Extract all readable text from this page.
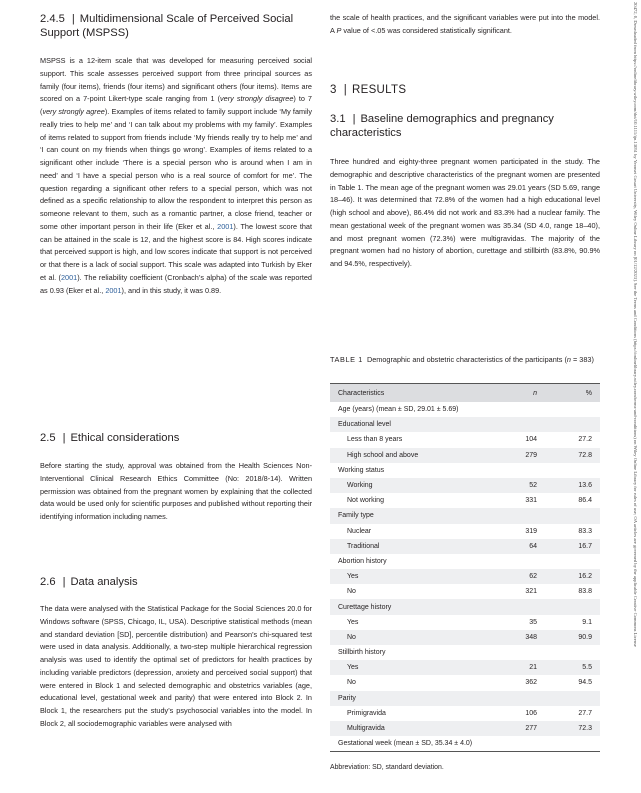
2.4.5 | Multidimensional Scale of Perceived Social
Support (MSPSS)

MSPSS is a 12-item scale that was developed for measuring perceived social support. This scale assesses perceived support from three principal sources as family (four items), friends (four items) and significant others (four items). Items are scored on a 7-point Likert-type scale ranging from 1 (very strongly disagree) to 7 (very strongly agree). Examples of items related to family support include ‘My family really tries to help me’ and ‘I can talk about my problems with my family’. Examples of items related to support from friends include ‘My friends really try to help me’ and ‘I can count on my friends when things go wrong’. Examples of items related to a significant other include ‘There is a special person who is around when I am in need’ and ‘I have a special person who is a real source of comfort for me’. The question regarding a significant other refers to a special person, which was not defined as a specific relationship to allow the respondent to interpret this person as someone relevant to them, such as a romantic partner, a close friend, teacher or some other important person in their life (Eker et al., 2001). The lowest score that can be attained in the scale is 12, and the highest score is 84. High scores indicate that perceived support is high, and low scores indicate that support is not perceived or that there is a lack of social support. This scale was adapted into Turkish by Eker et al. (2001). The reliability coefficient (Cronbach’s alpha) of the scale was reported as 0.93 (Eker et al., 2001), and in this study, it was 0.89.

2.5 | Ethical considerations

Before starting the study, approval was obtained from the Health Sciences Non-Interventional Clinical Research Ethics Committee (No: 2018/8-14). Written permission was obtained from the pregnant women by explaining that the collected data would be used only for scientific purposes and published without reporting their identifying information including names.

2.6 | Data analysis

The data were analysed with the Statistical Package for the Social Sciences 20.0 for Windows software (SPSS, Chicago, IL, USA). Descriptive statistical methods (mean and standard deviation [SD], percentile distribution) and Pearson’s chi-squared test were used in data analysis. Additionally, a two-step multiple hierarchical regression analysis was used to identify the optimal set of predictors for health practices by including variable predictors (depression, anxiety and perceived social support) that were entered in Block 1 and selected demographic and obstetrics variables (age, educational level, gestational week and parity) that were entered into Block 2. In Block 1, the researchers put the study’s psychosocial variables into the model. In Block 2, all sociodemographic variables were analysed with

the scale of health practices, and the significant variables were put into the model. A P value of <.05 was considered statistically significant.

3 | RESULTS
3.1 | Baseline demographics and pregnancy
characteristics

Three hundred and eighty-three pregnant women participated in the study. The demographic and descriptive characteristics of the pregnant women are presented in Table 1. The mean age of the pregnant women was 29.01 years (SD 5.69, range 18–46). It was determined that 72.8% of the women had a high educational level (high school and above), 86.4% did not work and 83.3% had a nuclear family. The mean gestational week of the pregnant women was 35.34 (SD 4.0, range 18–40), and most pregnant women (72.3%) were multigravidas. The majority of the pregnant women had no history of abortion, curettage and stillbirth (83.8%, 90.9% and 94.5%, respectively).

TABLE 1 Demographic and obstetric characteristics of the participants (n = 383)
Characteristics	n	%
Age (years) (mean ± SD, 29.01 ± 5.69)		
Educational level		
Less than 8 years	104	27.2
High school and above	279	72.8
Working status		
Working	52	13.6
Not working	331	86.4
Family type		
Nuclear	319	83.3
Traditional	64	16.7
Abortion history		
Yes	62	16.2
No	321	83.8
Curettage history		
Yes	35	9.1
No	348	90.9
Stillbirth history		
Yes	21	5.5
No	362	94.5
Parity		
Primigravida	106	27.7
Multigravida	277	72.3
Gestational week (mean ± SD, 35.34 ± 4.0)		
Abbreviation: SD, standard deviation.
20472, 0, Downloaded from https://onlinelibrary.wiley.com/doi/10.1111/ijn.13051 by Yeonsei Gosari University, Wiley Online Library on [01/12/2023]. See the Terms and Conditions (https://onlinelibrary.wiley.com/terms-and-conditions) on Wiley Online Library for rules of use; OA articles are governed by the applicable Creative Commons License
